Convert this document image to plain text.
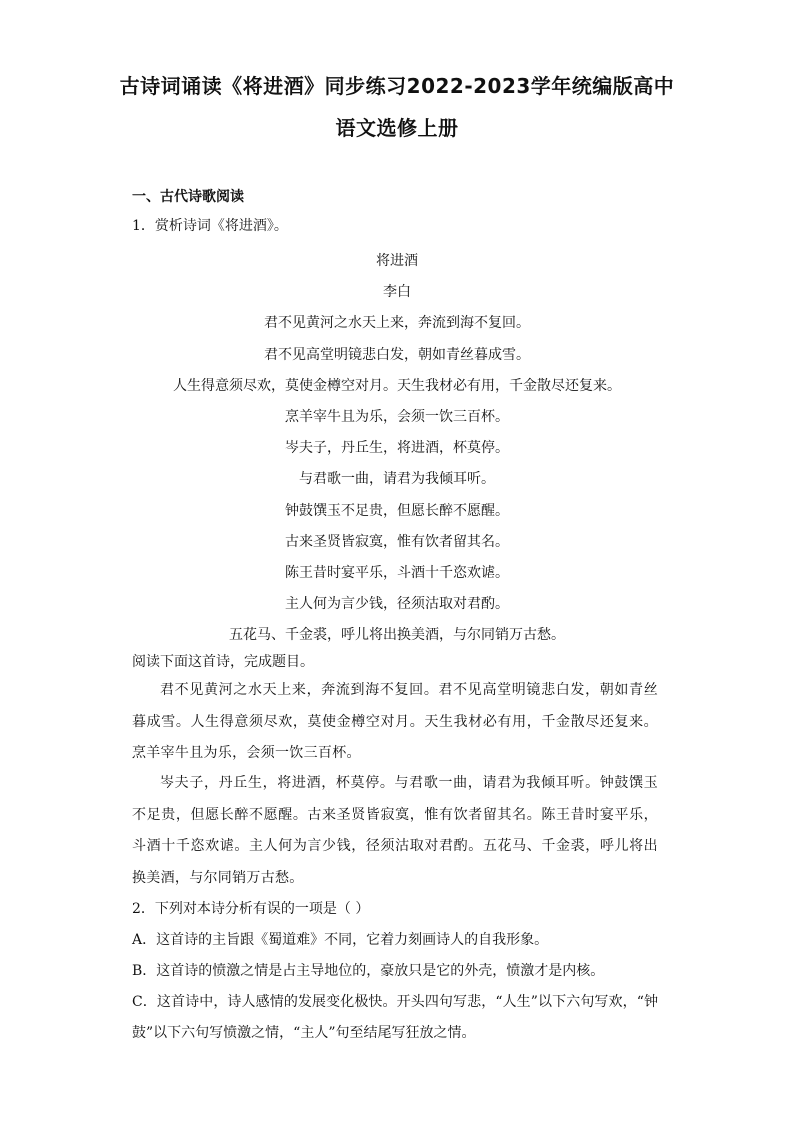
古诗词诵读《将进酒》同步练习2022-2023学年统编版高中
语文选修上册
一、古代诗歌阅读
1．赏析诗词《将进酒》。
将进酒
李白
君不见黄河之水天上来，奔流到海不复回。
君不见高堂明镜悲白发，朝如青丝暮成雪。
人生得意须尽欢，莫使金樽空对月。天生我材必有用，千金散尽还复来。
烹羊宰牛且为乐，会须一饮三百杯。
岑夫子，丹丘生，将进酒，杯莫停。
与君歌一曲，请君为我倾耳听。
钟鼓馔玉不足贵，但愿长醉不愿醒。
古来圣贤皆寂寞，惟有饮者留其名。
陈王昔时宴平乐，斗酒十千恣欢谑。
主人何为言少钱，径须沽取对君酌。
五花马、千金裘，呼儿将出换美酒，与尔同销万古愁。
阅读下面这首诗，完成题目。
君不见黄河之水天上来，奔流到海不复回。君不见高堂明镜悲白发，朝如青丝暮成雪。人生得意须尽欢，莫使金樽空对月。天生我材必有用，千金散尽还复来。烹羊宰牛且为乐，会须一饮三百杯。
岑夫子，丹丘生，将进酒，杯莫停。与君歌一曲，请君为我倾耳听。钟鼓馔玉不足贵，但愿长醉不愿醒。古来圣贤皆寂寞，惟有饮者留其名。陈王昔时宴平乐，斗酒十千恣欢谑。主人何为言少钱，径须沽取对君酌。五花马、千金裘，呼儿将出换美酒，与尔同销万古愁。
2．下列对本诗分析有误的一项是（ ）
A．这首诗的主旨跟《蜀道难》不同，它着力刻画诗人的自我形象。
B．这首诗的愤激之情是占主导地位的，豪放只是它的外壳，愤激才是内核。
C．这首诗中，诗人感情的发展变化极快。开头四句写悲，“人生”以下六句写欢，“钟鼓”以下六句写愤激之情，“主人”句至结尾写狂放之情。
